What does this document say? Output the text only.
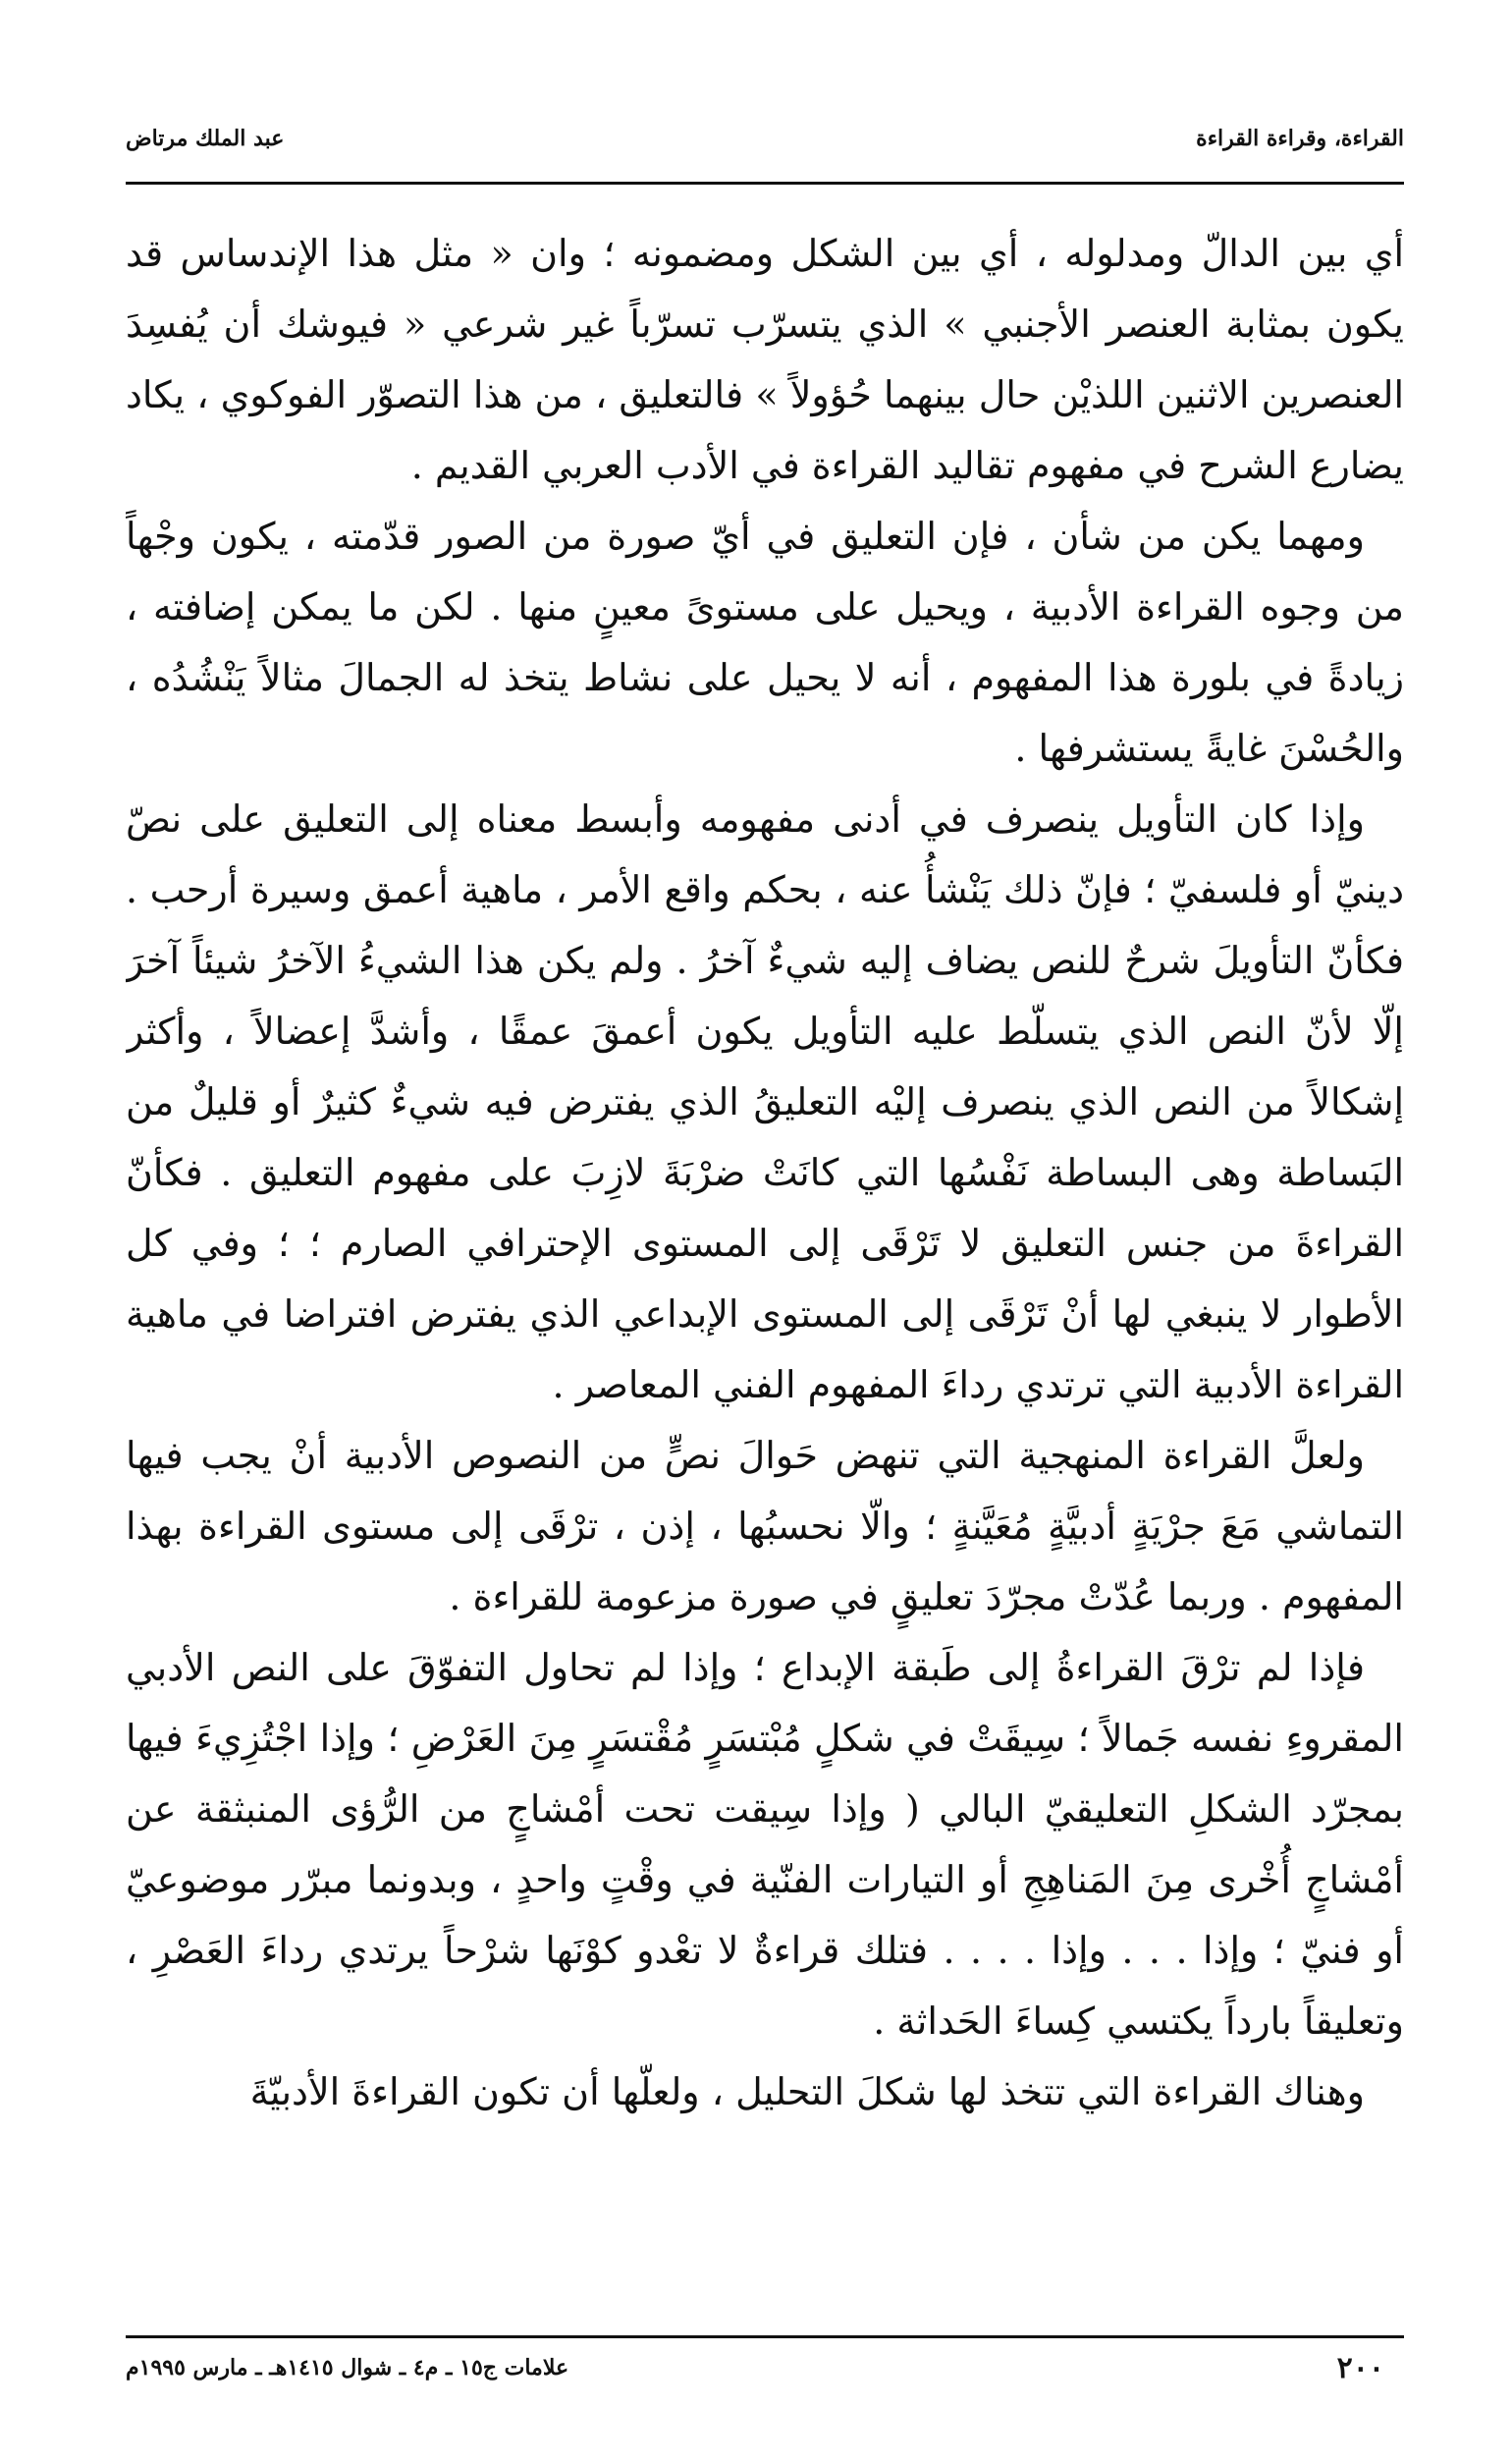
القراءة، وقراءة القراءة
عبد الملك مرتاض

أي بين الدالّ ومدلوله ، أي بين الشكل ومضمونه ؛ وان « مثل هذا الإندساس قد يكون بمثابة العنصر الأجنبي » الذي يتسرّب تسرّباً غير شرعي « فيوشك أن يُفسِدَ العنصرين الاثنين اللذيْن حال بينهما حُؤولاً » فالتعليق ، من هذا التصوّر الفوكوي ، يكاد يضارع الشرح في مفهوم تقاليد القراءة في الأدب العربي القديم .

ومهما يكن من شأن ، فإن التعليق في أيّ صورة من الصور قدّمته ، يكون وجْهاً من وجوه القراءة الأدبية ، ويحيل على مستوىً معينٍ منها . لكن ما يمكن إضافته ، زيادةً في بلورة هذا المفهوم ، أنه لا يحيل على نشاط يتخذ له الجمالَ مثالاً يَنْشُدُه ، والحُسْنَ غايةً يستشرفها .

وإذا كان التأويل ينصرف في أدنى مفهومه وأبسط معناه إلى التعليق على نصّ دينيّ أو فلسفيّ ؛ فإنّ ذلك يَنْشأُ عنه ، بحكم واقع الأمر ، ماهية أعمق وسيرة أرحب . فكأنّ التأويلَ شرحٌ للنص يضاف إليه شيءٌ آخرُ . ولم يكن هذا الشيءُ الآخرُ شيئاً آخرَ إلّا لأنّ النص الذي يتسلّط عليه التأويل يكون أعمقَ عمقًا ، وأشدَّ إعضالاً ، وأكثر إشكالاً من النص الذي ينصرف إليْه التعليقُ الذي يفترض فيه شيءٌ كثيرٌ أو قليلٌ من البَساطة وهى البساطة نَفْسُها التي كانَتْ ضرْبَةَ لازِبَ على مفهوم التعليق . فكأنّ القراءةَ من جنس التعليق لا تَرْقَى إلى المستوى الإحترافي الصارم ؛ ؛ وفي كل الأطوار لا ينبغي لها أنْ تَرْقَى إلى المستوى الإبداعي الذي يفترض افتراضا في ماهية القراءة الأدبية التي ترتدي رداءَ المفهوم الفني المعاصر .

ولعلَّ القراءة المنهجية التي تنهض حَوالَ نصٍّ من النصوص الأدبية أنْ يجب فيها التماشي مَعَ جرْيَةٍ أدبيَّةٍ مُعَيَّنةٍ ؛ والّا نحسبُها ، إذن ، ترْقَى إلى مستوى القراءة بهذا المفهوم . وربما عُدّتْ مجرّدَ تعليقٍ في صورة مزعومة للقراءة .

فإذا لم ترْقَ القراءةُ إلى طَبقة الإبداع ؛ وإذا لم تحاول التفوّقَ على النص الأدبي المقروءِ نفسه جَمالاً ؛ سِيقَتْ في شكلٍ مُبْتسَرٍ مُقْتسَرٍ مِنَ العَرْضِ ؛ وإذا اجْتُزِيءَ فيها بمجرّد الشكلِ التعليقيّ البالي ( وإذا سِيقت تحت أمْشاجٍ من الرُّؤى المنبثقة عن أمْشاجٍ أُخْرى مِنَ المَناهِجِ أو التيارات الفنّية في وقْتٍ واحدٍ ، وبدونما مبرّر موضوعيّ أو فنيّ ؛ وإذا . . . وإذا . . . . فتلك قراءةٌ لا تعْدو كوْنَها شرْحاً يرتدي رداءَ العَصْرِ ، وتعليقاً بارداً يكتسي كِساءَ الحَداثة .

وهناك القراءة التي تتخذ لها شكلَ التحليل ، ولعلّها أن تكون القراءةَ الأدبيّةَ

٢٠٠
علامات ج١٥ ـ م٤ ـ شوال ١٤١٥هـ ـ مارس ١٩٩٥م
